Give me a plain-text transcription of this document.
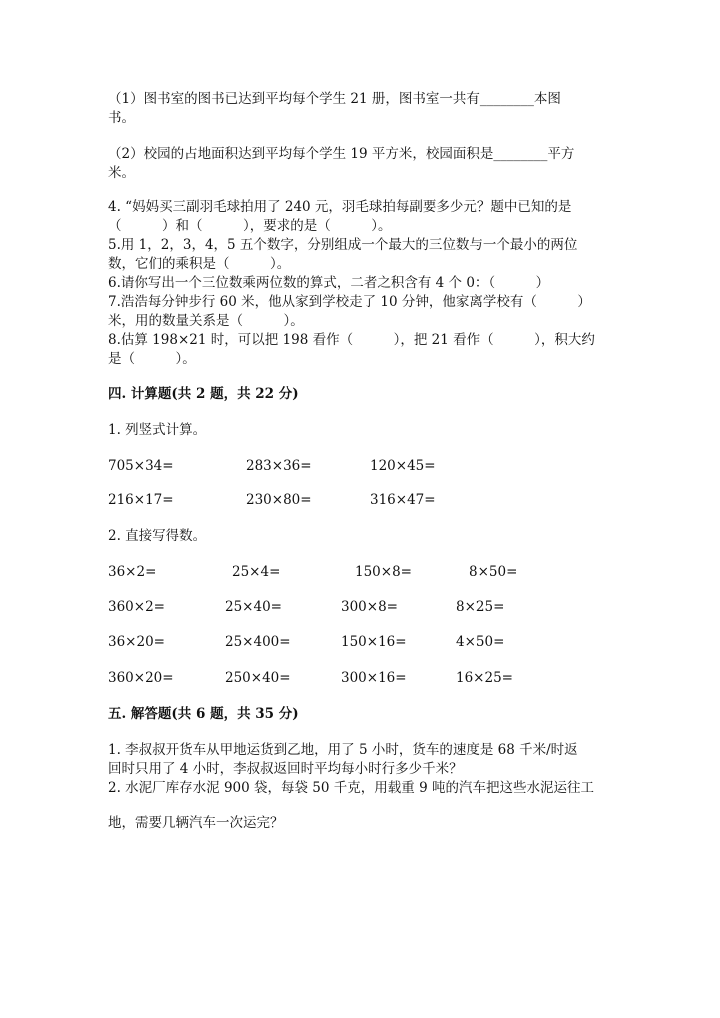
（1）图书室的图书已达到平均每个学生 21 册，图书室一共有________本图
书。
（2）校园的占地面积达到平均每个学生 19 平方米，校园面积是________平方
米。
4. “妈妈买三副羽毛球拍用了 240 元，羽毛球拍每副要多少元？题中已知的是
（　　　）和（　　　），要求的是（　　　）。
5.用 1，2，3，4，5 五个数字，分别组成一个最大的三位数与一个最小的两位
数，它们的乘积是（　　　）。
6.请你写出一个三位数乘两位数的算式，二者之积含有 4 个 0：（　　　）
7.浩浩每分钟步行 60 米，他从家到学校走了 10 分钟，他家离学校有（　　　）
米，用的数量关系是（　　　）。
8.估算 198×21 时，可以把 198 看作（　　　），把 21 看作（　　　），积大约
是（　　　）。
四. 计算题(共 2 题，共 22 分)
1. 列竖式计算。
705×34=	283×36=	120×45=
216×17=	230×80=	316×47=
2. 直接写得数。
36×2=	25×4=	150×8=	8×50=
360×2=	25×40=	300×8=	8×25=
36×20=	25×400=	150×16=	4×50=
360×20=	250×40=	300×16=	16×25=
五. 解答题(共 6 题，共 35 分)
1. 李叔叔开货车从甲地运货到乙地，用了 5 小时，货车的速度是 68 千米/时返
回时只用了 4 小时，李叔叔返回时平均每小时行多少千米？
2. 水泥厂库存水泥 900 袋，每袋 50 千克，用载重 9 吨的汽车把这些水泥运往工
地，需要几辆汽车一次运完？
